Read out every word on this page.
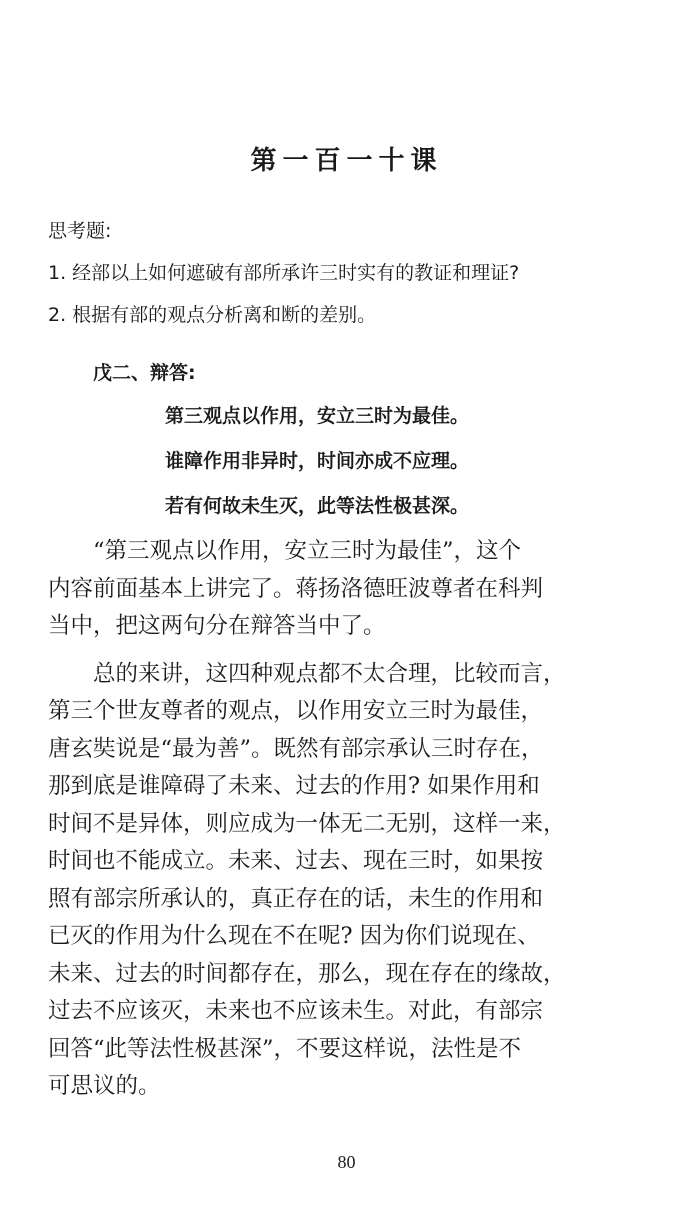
第一百一十课
思考题:
1. 经部以上如何遮破有部所承许三时实有的教证和理证?
2. 根据有部的观点分析离和断的差别。
戊二、辩答:
第三观点以作用，安立三时为最佳。
谁障作用非异时，时间亦成不应理。
若有何故未生灭，此等法性极甚深。
　　“第三观点以作用，安立三时为最佳”，这个
内容前面基本上讲完了。蒋扬洛德旺波尊者在科判
当中，把这两句分在辩答当中了。
　　总的来讲，这四种观点都不太合理，比较而言，
第三个世友尊者的观点，以作用安立三时为最佳，
唐玄奘说是“最为善”。既然有部宗承认三时存在，
那到底是谁障碍了未来、过去的作用? 如果作用和
时间不是异体，则应成为一体无二无别，这样一来，
时间也不能成立。未来、过去、现在三时，如果按
照有部宗所承认的，真正存在的话，未生的作用和
已灭的作用为什么现在不在呢? 因为你们说现在、
未来、过去的时间都存在，那么，现在存在的缘故，
过去不应该灭，未来也不应该未生。对此，有部宗
回答“此等法性极甚深”，不要这样说，法性是不
可思议的。
80
